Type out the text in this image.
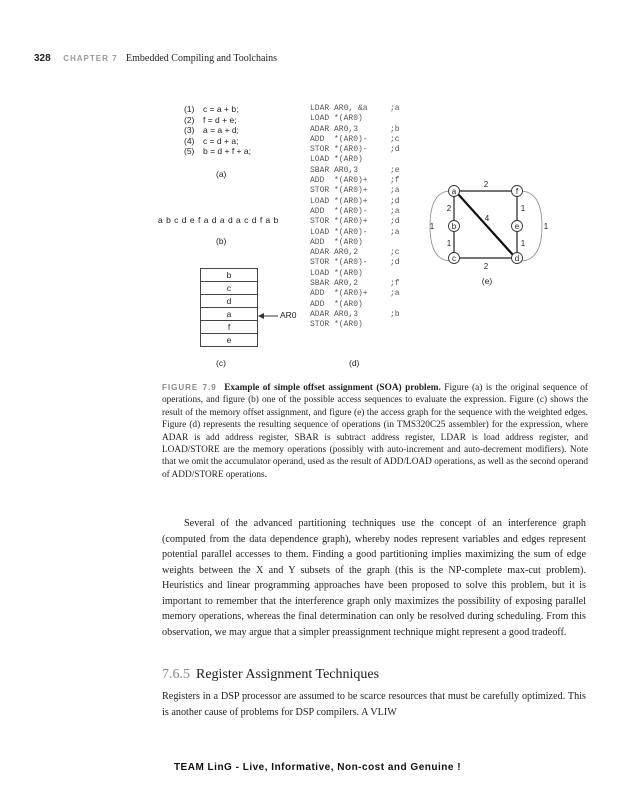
328 CHAPTER 7 Embedded Compiling and Toolchains
(1) c = a + b;
(2) f = d + e;
(3) a = a + d;
(4) c = d + a;
(5) b = d + f + a;
(a)
a b c d e f a d a d a c d f a b
(b)
b
c
d
a
f
e
AR0
(c)
LDAR AR0, &a	;a
LOAD *(AR0)
ADAR AR0,3	;b
ADD  *(AR0)-	;c
STOR *(AR0)-	;d
LOAD *(AR0)
SBAR AR0,3	;e
ADD  *(AR0)+	;f
STOR *(AR0)+	;a
LOAD *(AR0)+	;d
ADD  *(AR0)-	;a
STOR *(AR0)+	;d
LOAD *(AR0)-	;a
ADD  *(AR0)
ADAR AR0,2	;c
STOR *(AR0)-	;d
LOAD *(AR0)
SBAR AR0,2	;f
ADD  *(AR0)+	;a
ADD  *(AR0)
ADAR AR0,3	;b
STOR *(AR0)
(d)
a	f
b	e
c	d
2
2	1
4
1	1
2
1	1
(e)
FIGURE 7.9 Example of simple offset assignment (SOA) problem. Figure (a) is the original sequence of operations, and figure (b) one of the possible access sequences to evaluate the expression. Figure (c) shows the result of the memory offset assignment, and figure (e) the access graph for the sequence with the weighted edges. Figure (d) represents the resulting sequence of operations (in TMS320C25 assembler) for the expression, where ADAR is add address register, SBAR is subtract address register, LDAR is load address register, and LOAD/STORE are the memory operations (possibly with auto-increment and auto-decrement modifiers). Note that we omit the accumulator operand, used as the result of ADD/LOAD operations, as well as the second operand of ADD/STORE operations.
Several of the advanced partitioning techniques use the concept of an interference graph (computed from the data dependence graph), whereby nodes represent variables and edges represent potential parallel accesses to them. Finding a good partitioning implies maximizing the sum of edge weights between the X and Y subsets of the graph (this is the NP-complete max-cut problem). Heuristics and linear programming approaches have been proposed to solve this problem, but it is important to remember that the interference graph only maximizes the possibility of exposing parallel memory operations, whereas the final determination can only be resolved during scheduling. From this observation, we may argue that a simpler preassignment technique might represent a good tradeoff.
7.6.5 Register Assignment Techniques
Registers in a DSP processor are assumed to be scarce resources that must be carefully optimized. This is another cause of problems for DSP compilers. A VLIW
TEAM LinG - Live, Informative, Non-cost and Genuine !
